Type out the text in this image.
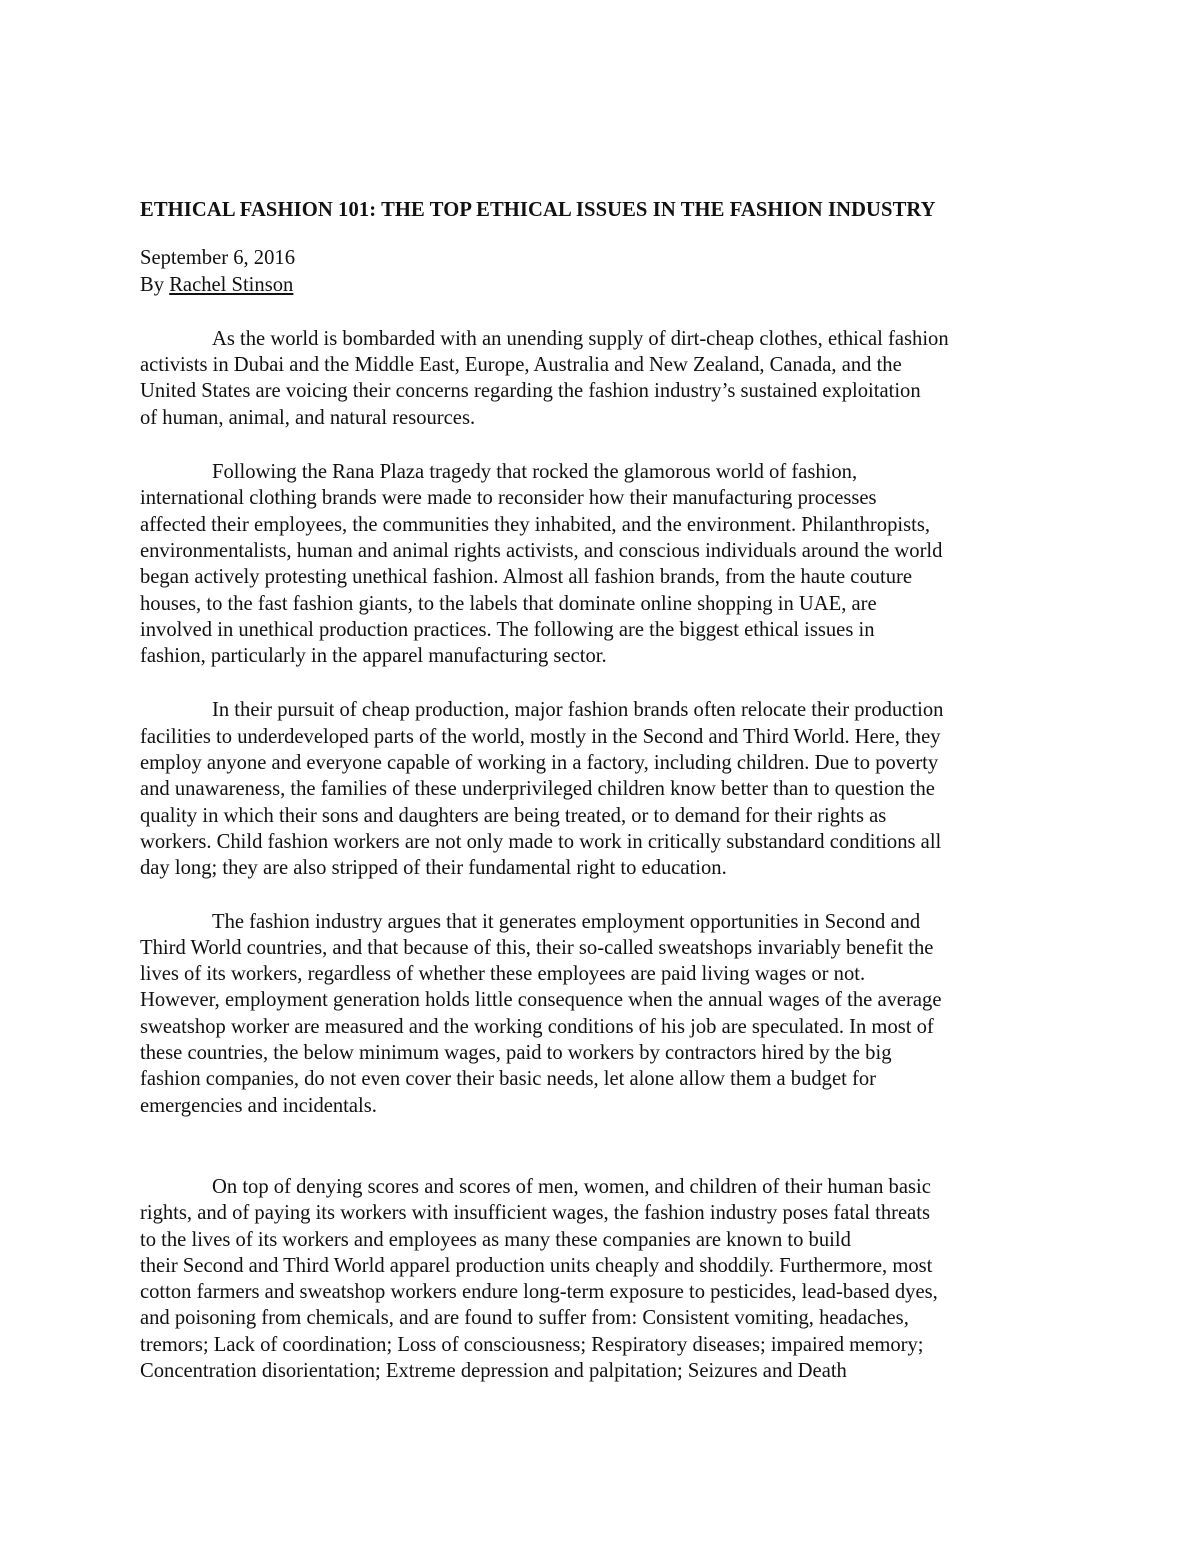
ETHICAL FASHION 101: THE TOP ETHICAL ISSUES IN THE FASHION INDUSTRY
September 6, 2016
By Rachel Stinson

As the world is bombarded with an unending supply of dirt-cheap clothes, ethical fashion
activists in Dubai and the Middle East, Europe, Australia and New Zealand, Canada, and the
United States are voicing their concerns regarding the fashion industry’s sustained exploitation
of human, animal, and natural resources.

Following the Rana Plaza tragedy that rocked the glamorous world of fashion,
international clothing brands were made to reconsider how their manufacturing processes
affected their employees, the communities they inhabited, and the environment. Philanthropists,
environmentalists, human and animal rights activists, and conscious individuals around the world
began actively protesting unethical fashion. Almost all fashion brands, from the haute couture
houses, to the fast fashion giants, to the labels that dominate online shopping in UAE, are
involved in unethical production practices. The following are the biggest ethical issues in
fashion, particularly in the apparel manufacturing sector.

In their pursuit of cheap production, major fashion brands often relocate their production
facilities to underdeveloped parts of the world, mostly in the Second and Third World. Here, they
employ anyone and everyone capable of working in a factory, including children. Due to poverty
and unawareness, the families of these underprivileged children know better than to question the
quality in which their sons and daughters are being treated, or to demand for their rights as
workers. Child fashion workers are not only made to work in critically substandard conditions all
day long; they are also stripped of their fundamental right to education.

The fashion industry argues that it generates employment opportunities in Second and
Third World countries, and that because of this, their so-called sweatshops invariably benefit the
lives of its workers, regardless of whether these employees are paid living wages or not.
However, employment generation holds little consequence when the annual wages of the average
sweatshop worker are measured and the working conditions of his job are speculated. In most of
these countries, the below minimum wages, paid to workers by contractors hired by the big
fashion companies, do not even cover their basic needs, let alone allow them a budget for
emergencies and incidentals.

On top of denying scores and scores of men, women, and children of their human basic
rights, and of paying its workers with insufficient wages, the fashion industry poses fatal threats
to the lives of its workers and employees as many these companies are known to build
their Second and Third World apparel production units cheaply and shoddily. Furthermore, most
cotton farmers and sweatshop workers endure long-term exposure to pesticides, lead-based dyes,
and poisoning from chemicals, and are found to suffer from: Consistent vomiting, headaches,
tremors; Lack of coordination; Loss of consciousness; Respiratory diseases; impaired memory;
Concentration disorientation; Extreme depression and palpitation; Seizures and Death
